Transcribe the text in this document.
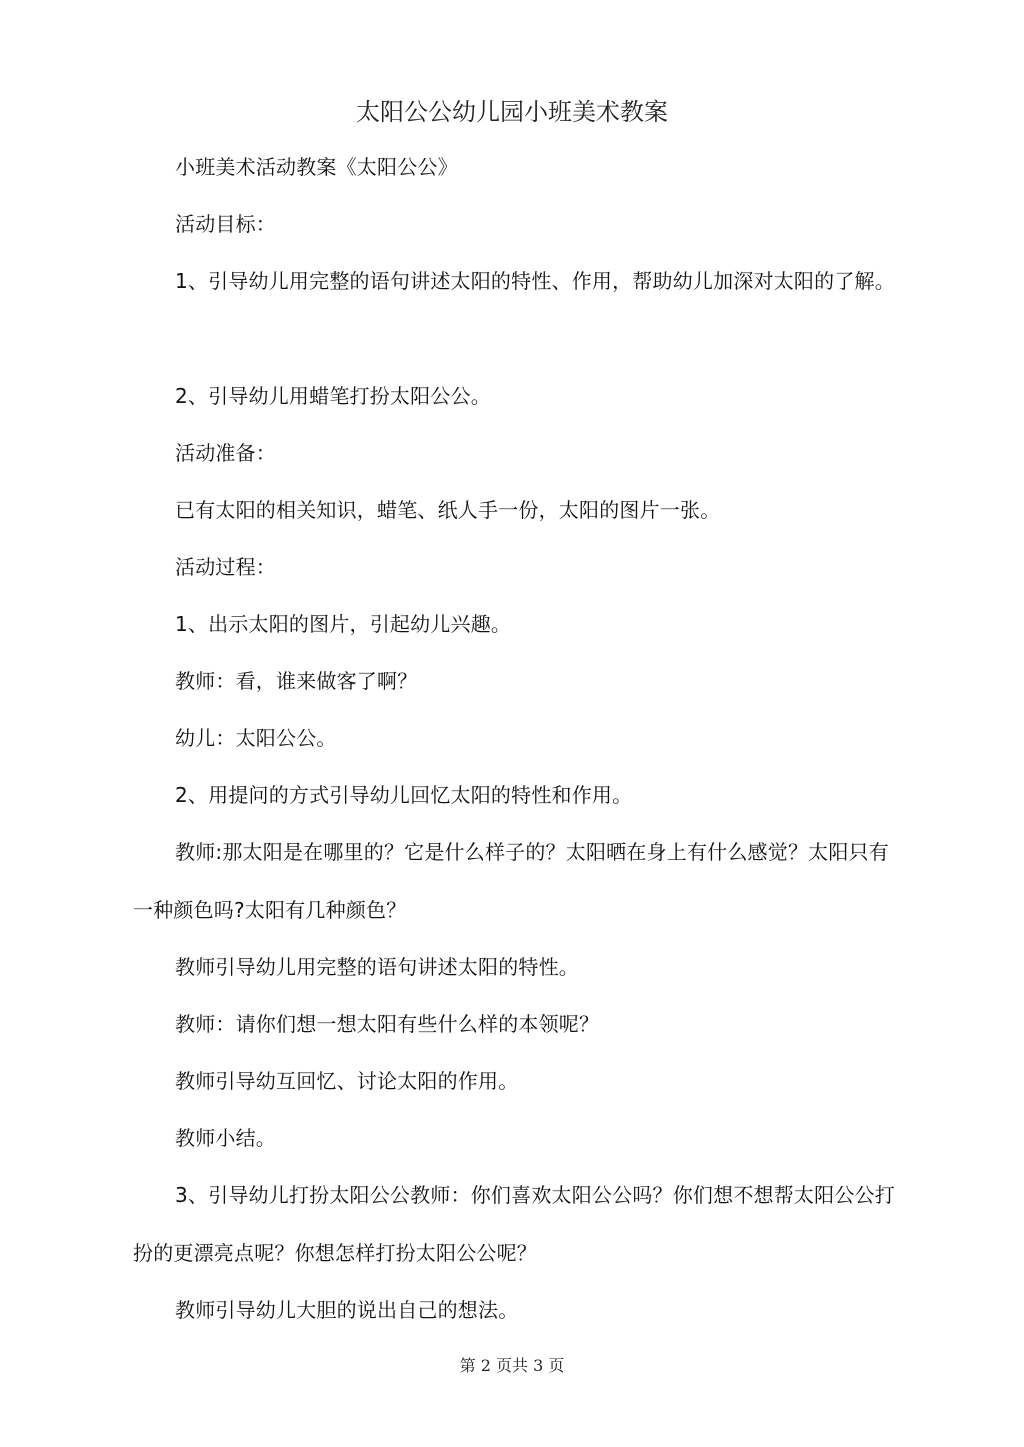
太阳公公幼儿园小班美术教案

小班美术活动教案《太阳公公》

活动目标：

1、引导幼儿用完整的语句讲述太阳的特性、作用，帮助幼儿加深对太阳的了解。

2、引导幼儿用蜡笔打扮太阳公公。

活动准备：

已有太阳的相关知识，蜡笔、纸人手一份，太阳的图片一张。

活动过程：

1、出示太阳的图片，引起幼儿兴趣。

教师：看，谁来做客了啊？

幼儿：太阳公公。

2、用提问的方式引导幼儿回忆太阳的特性和作用。

教师:那太阳是在哪里的？它是什么样子的？太阳晒在身上有什么感觉？太阳只有一种颜色吗?太阳有几种颜色？

教师引导幼儿用完整的语句讲述太阳的特性。

教师：请你们想一想太阳有些什么样的本领呢？

教师引导幼互回忆、讨论太阳的作用。

教师小结。

3、引导幼儿打扮太阳公公教师：你们喜欢太阳公公吗？你们想不想帮太阳公公打扮的更漂亮点呢？你想怎样打扮太阳公公呢？

教师引导幼儿大胆的说出自己的想法。

第 2 页共 3 页
